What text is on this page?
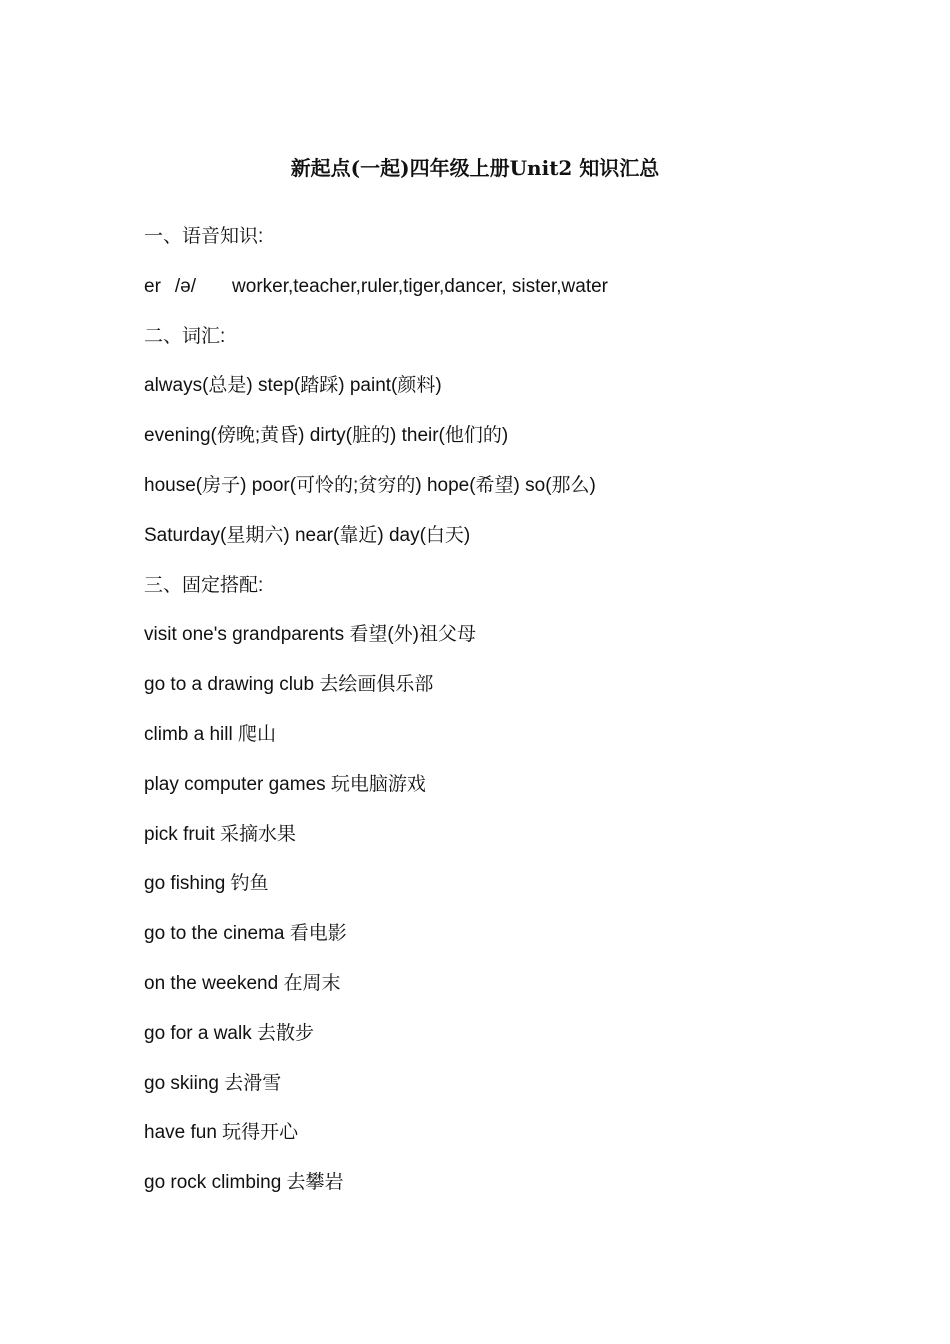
新起点(一起)四年级上册Unit2 知识汇总
一、语音知识:
er /ə/ worker,teacher,ruler,tiger,dancer, sister,water
二、词汇:
always(总是) step(踏踩) paint(颜料)
evening(傍晚;黄昏) dirty(脏的) their(他们的)
house(房子) poor(可怜的;贫穷的) hope(希望) so(那么)
Saturday(星期六) near(靠近) day(白天)
三、固定搭配:
visit one's grandparents 看望(外)祖父母
go to a drawing club 去绘画俱乐部
climb a hill 爬山
play computer games 玩电脑游戏
pick fruit 采摘水果
go fishing 钓鱼
go to the cinema 看电影
on the weekend 在周末
go for a walk 去散步
go skiing 去滑雪
have fun 玩得开心
go rock climbing 去攀岩
